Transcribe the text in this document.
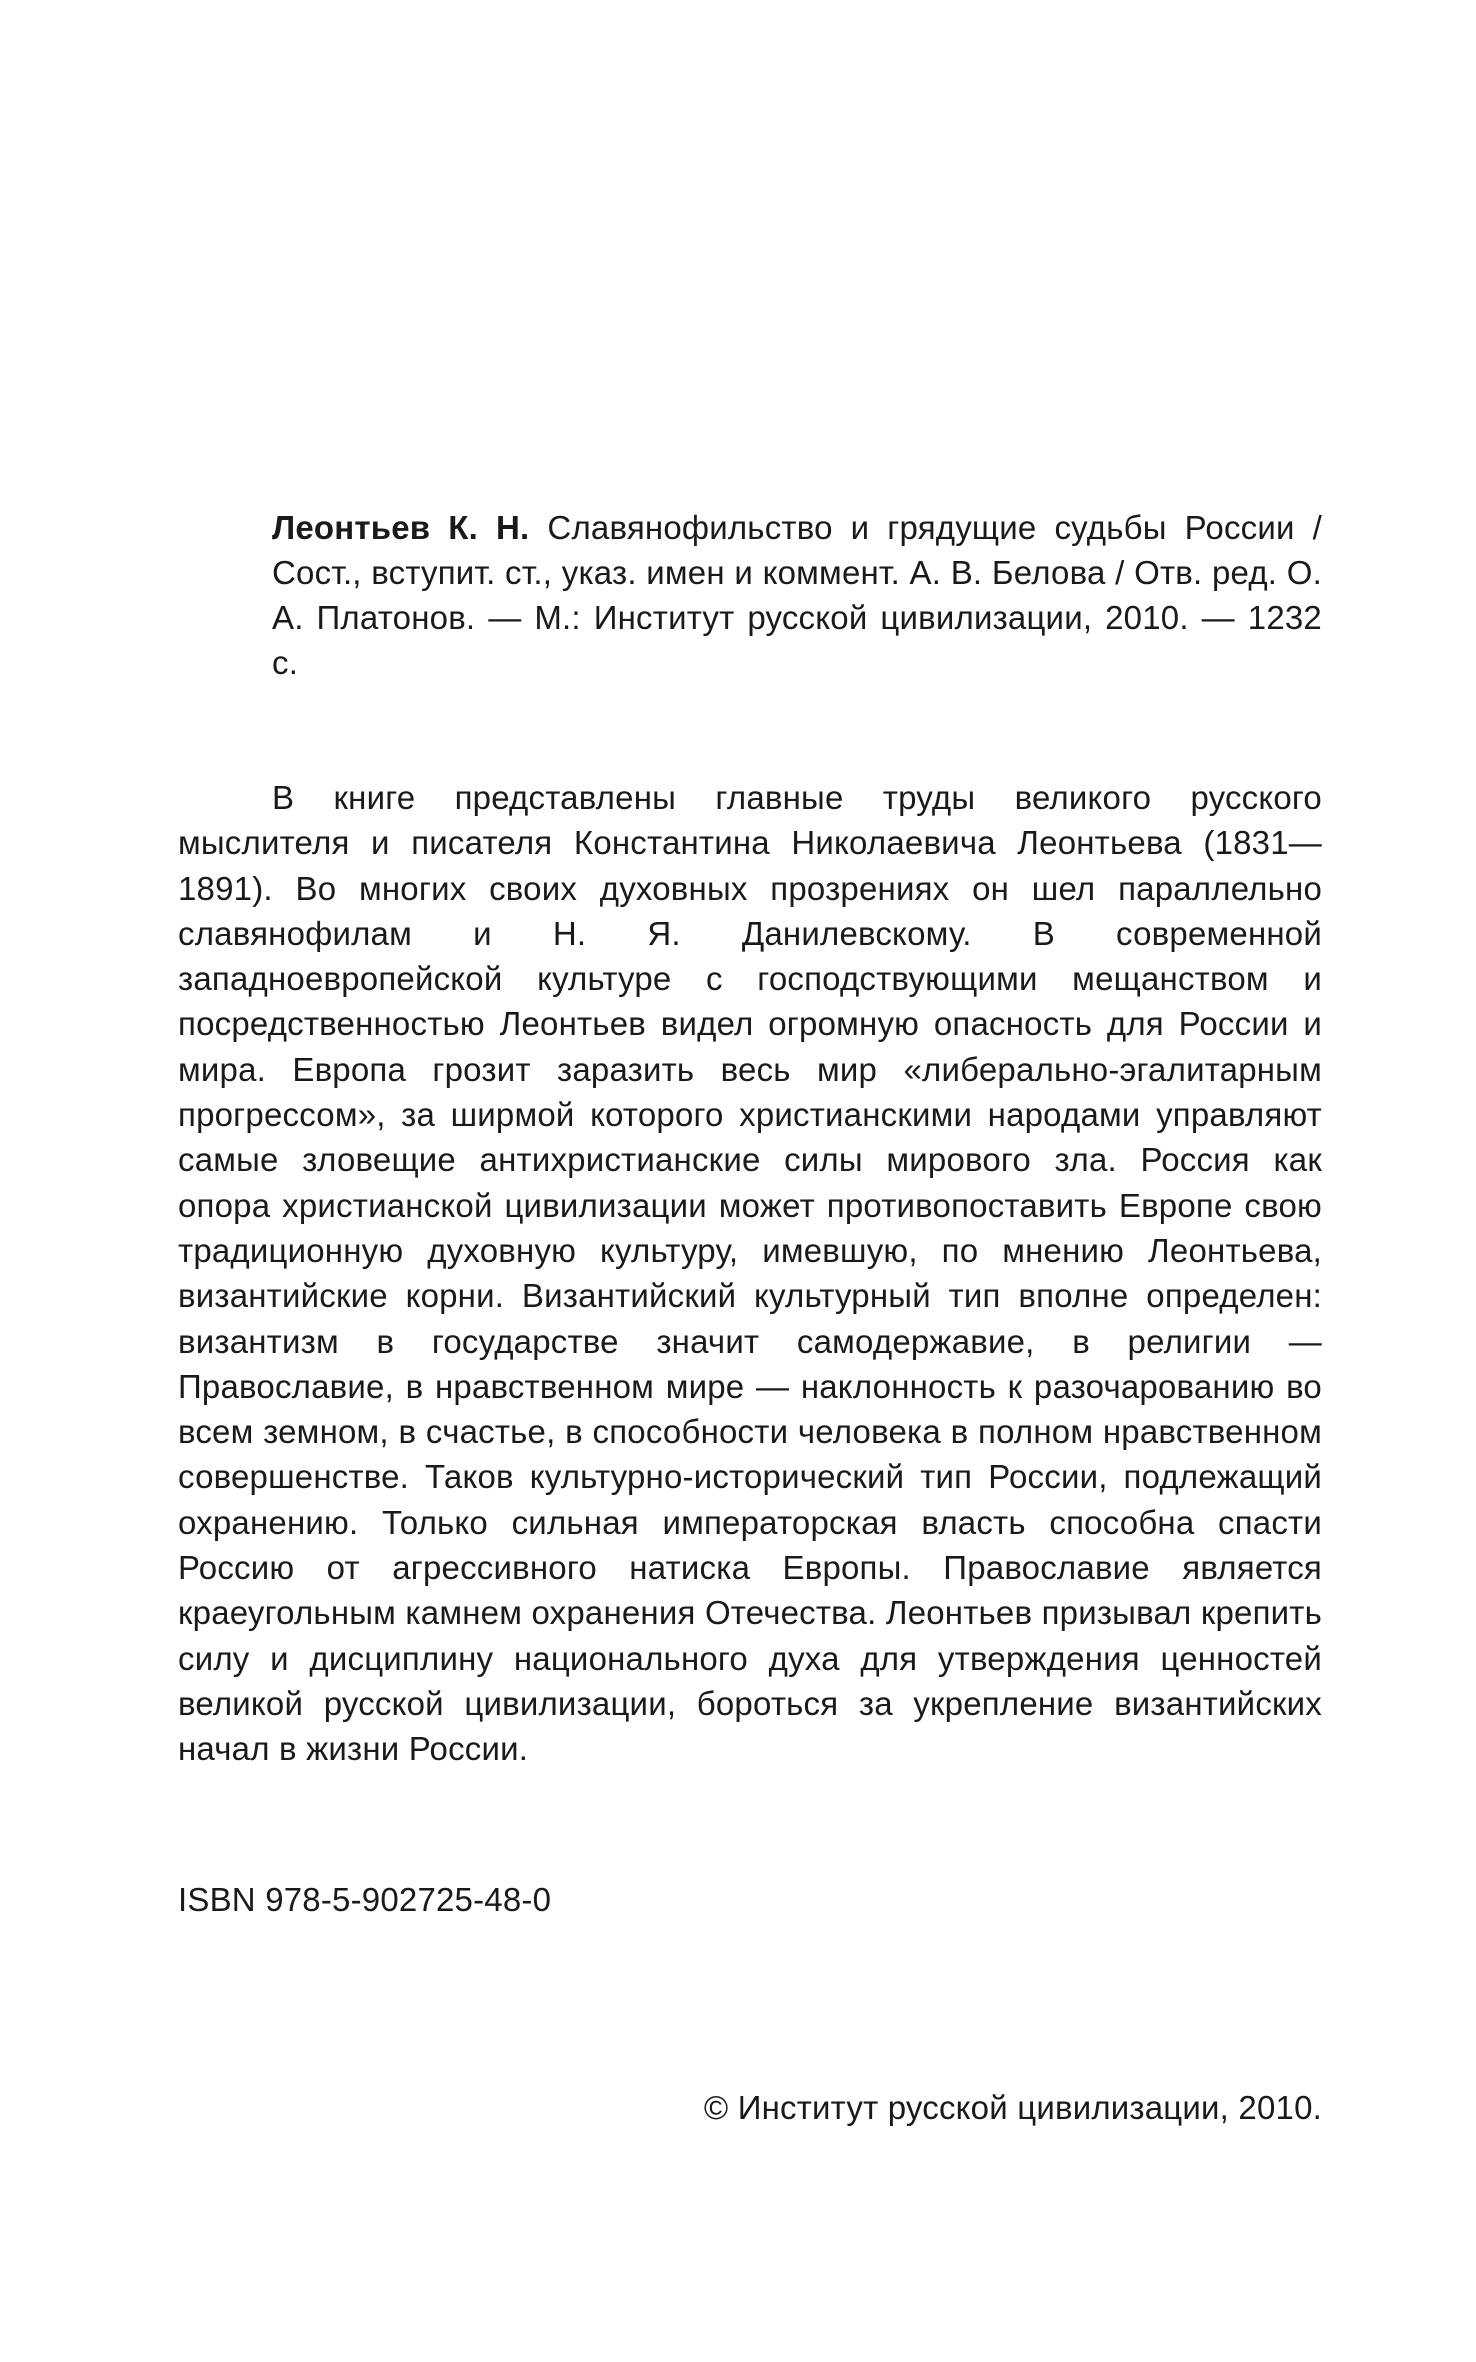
Леонтьев К. Н. Славянофильство и грядущие судьбы России / Сост., вступит. ст., указ. имен и коммент. А. В. Белова / Отв. ред. О. А. Платонов. — М.: Институт русской цивилизации, 2010. — 1232 с.

В книге представлены главные труды великого русского мыслителя и писателя Константина Николаевича Леонтьева (1831—1891). Во многих своих духовных прозрениях он шел параллельно славянофилам и Н. Я. Данилевскому. В современной западноевропейской культуре с господствующими мещанством и посредственностью Леонтьев видел огромную опасность для России и мира. Европа грозит заразить весь мир «либерально-эгалитарным прогрессом», за ширмой которого христианскими народами управляют самые зловещие антихристианские силы мирового зла. Россия как опора христианской цивилизации может противопоставить Европе свою традиционную духовную культуру, имевшую, по мнению Леонтьева, византийские корни. Византийский культурный тип вполне определен: византизм в государстве значит самодержавие, в религии — Православие, в нравственном мире — наклонность к разочарованию во всем земном, в счастье, в способности человека в полном нравственном совершенстве. Таков культурно-исторический тип России, подлежащий охранению. Только сильная императорская власть способна спасти Россию от агрессивного натиска Европы. Православие является краеугольным камнем охранения Отечества. Леонтьев призывал крепить силу и дисциплину национального духа для утверждения ценностей великой русской цивилизации, бороться за укрепление византийских начал в жизни России.

ISBN 978-5-902725-48-0
© Институт русской цивилизации, 2010.
